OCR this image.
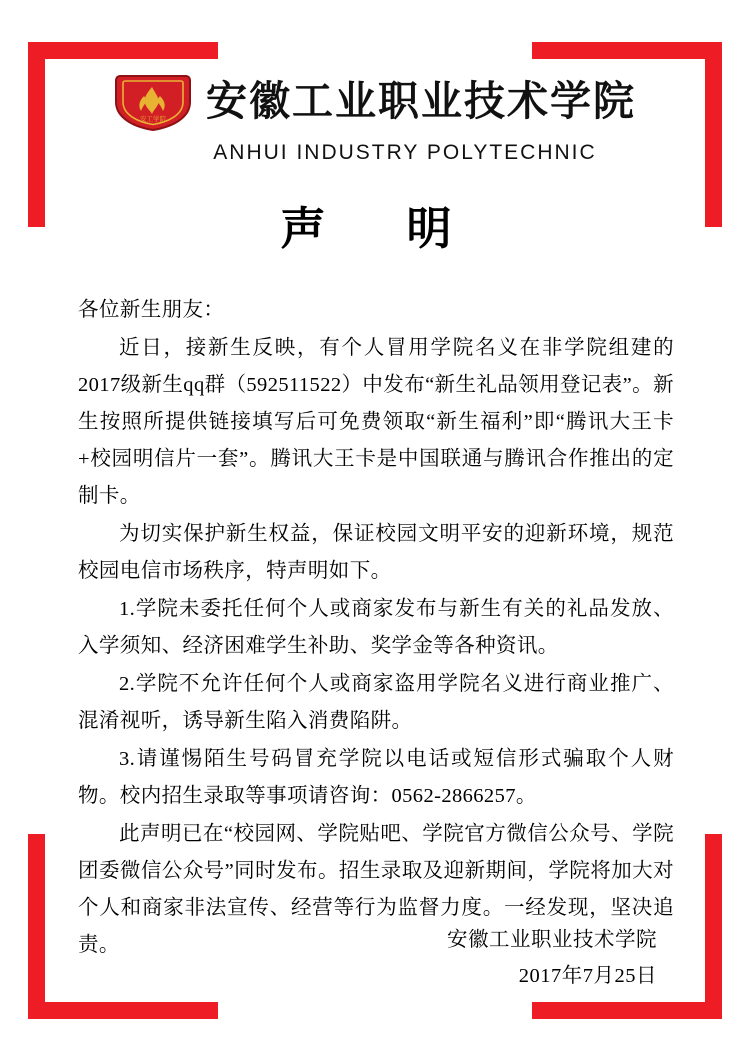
安工学院 安徽工业职业技术学院
ANHUI INDUSTRY POLYTECHNIC
声　明

各位新生朋友：

近日，接新生反映，有个人冒用学院名义在非学院组建的2017级新生qq群（592511522）中发布“新生礼品领用登记表”。新生按照所提供链接填写后可免费领取“新生福利”即“腾讯大王卡+校园明信片一套”。腾讯大王卡是中国联通与腾讯合作推出的定制卡。

为切实保护新生权益，保证校园文明平安的迎新环境，规范校园电信市场秩序，特声明如下。

1.学院未委托任何个人或商家发布与新生有关的礼品发放、入学须知、经济困难学生补助、奖学金等各种资讯。

2.学院不允许任何个人或商家盗用学院名义进行商业推广、混淆视听，诱导新生陷入消费陷阱。

3.请谨惕陌生号码冒充学院以电话或短信形式骗取个人财物。校内招生录取等事项请咨询：0562-2866257。

此声明已在“校园网、学院贴吧、学院官方微信公众号、学院团委微信公众号”同时发布。招生录取及迎新期间，学院将加大对个人和商家非法宣传、经营等行为监督力度。一经发现，坚决追责。	安徽工业职业技术学院
2017年7月25日
